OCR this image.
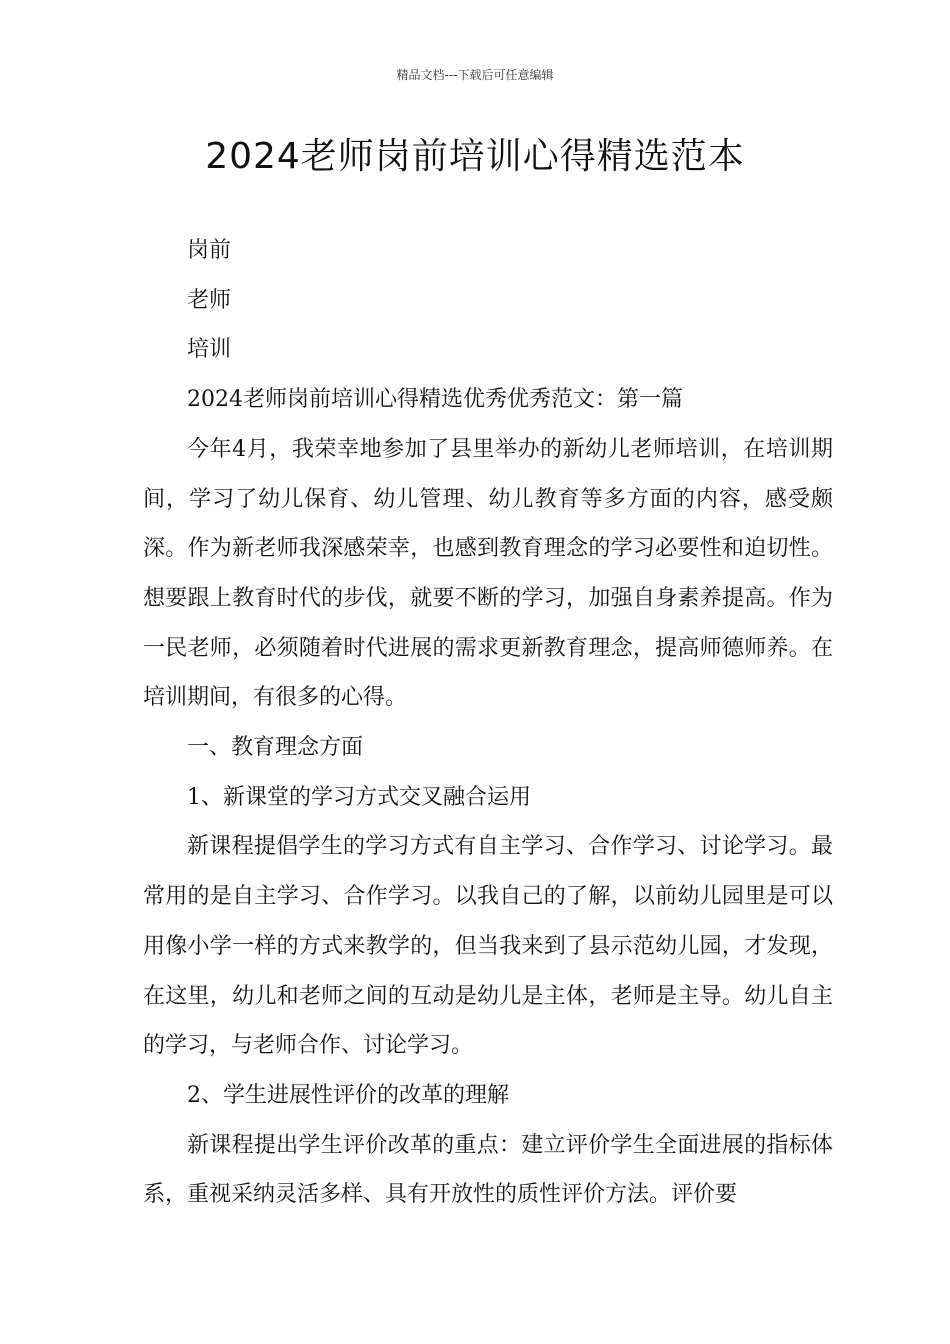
精品文档---下载后可任意编辑
2024老师岗前培训心得精选范本

岗前

老师

培训

2024老师岗前培训心得精选优秀优秀范文：第一篇

今年4月，我荣幸地参加了县里举办的新幼儿老师培训，在培训期间，学习了幼儿保育、幼儿管理、幼儿教育等多方面的内容，感受颇深。作为新老师我深感荣幸，也感到教育理念的学习必要性和迫切性。想要跟上教育时代的步伐，就要不断的学习，加强自身素养提高。作为一民老师，必须随着时代进展的需求更新教育理念，提高师德师养。在培训期间，有很多的心得。

一、教育理念方面

1、新课堂的学习方式交叉融合运用

新课程提倡学生的学习方式有自主学习、合作学习、讨论学习。最常用的是自主学习、合作学习。以我自己的了解，以前幼儿园里是可以用像小学一样的方式来教学的，但当我来到了县示范幼儿园，才发现，在这里，幼儿和老师之间的互动是幼儿是主体，老师是主导。幼儿自主的学习，与老师合作、讨论学习。

2、学生进展性评价的改革的理解

新课程提出学生评价改革的重点：建立评价学生全面进展的指标体系，重视采纳灵活多样、具有开放性的质性评价方法。评价要
